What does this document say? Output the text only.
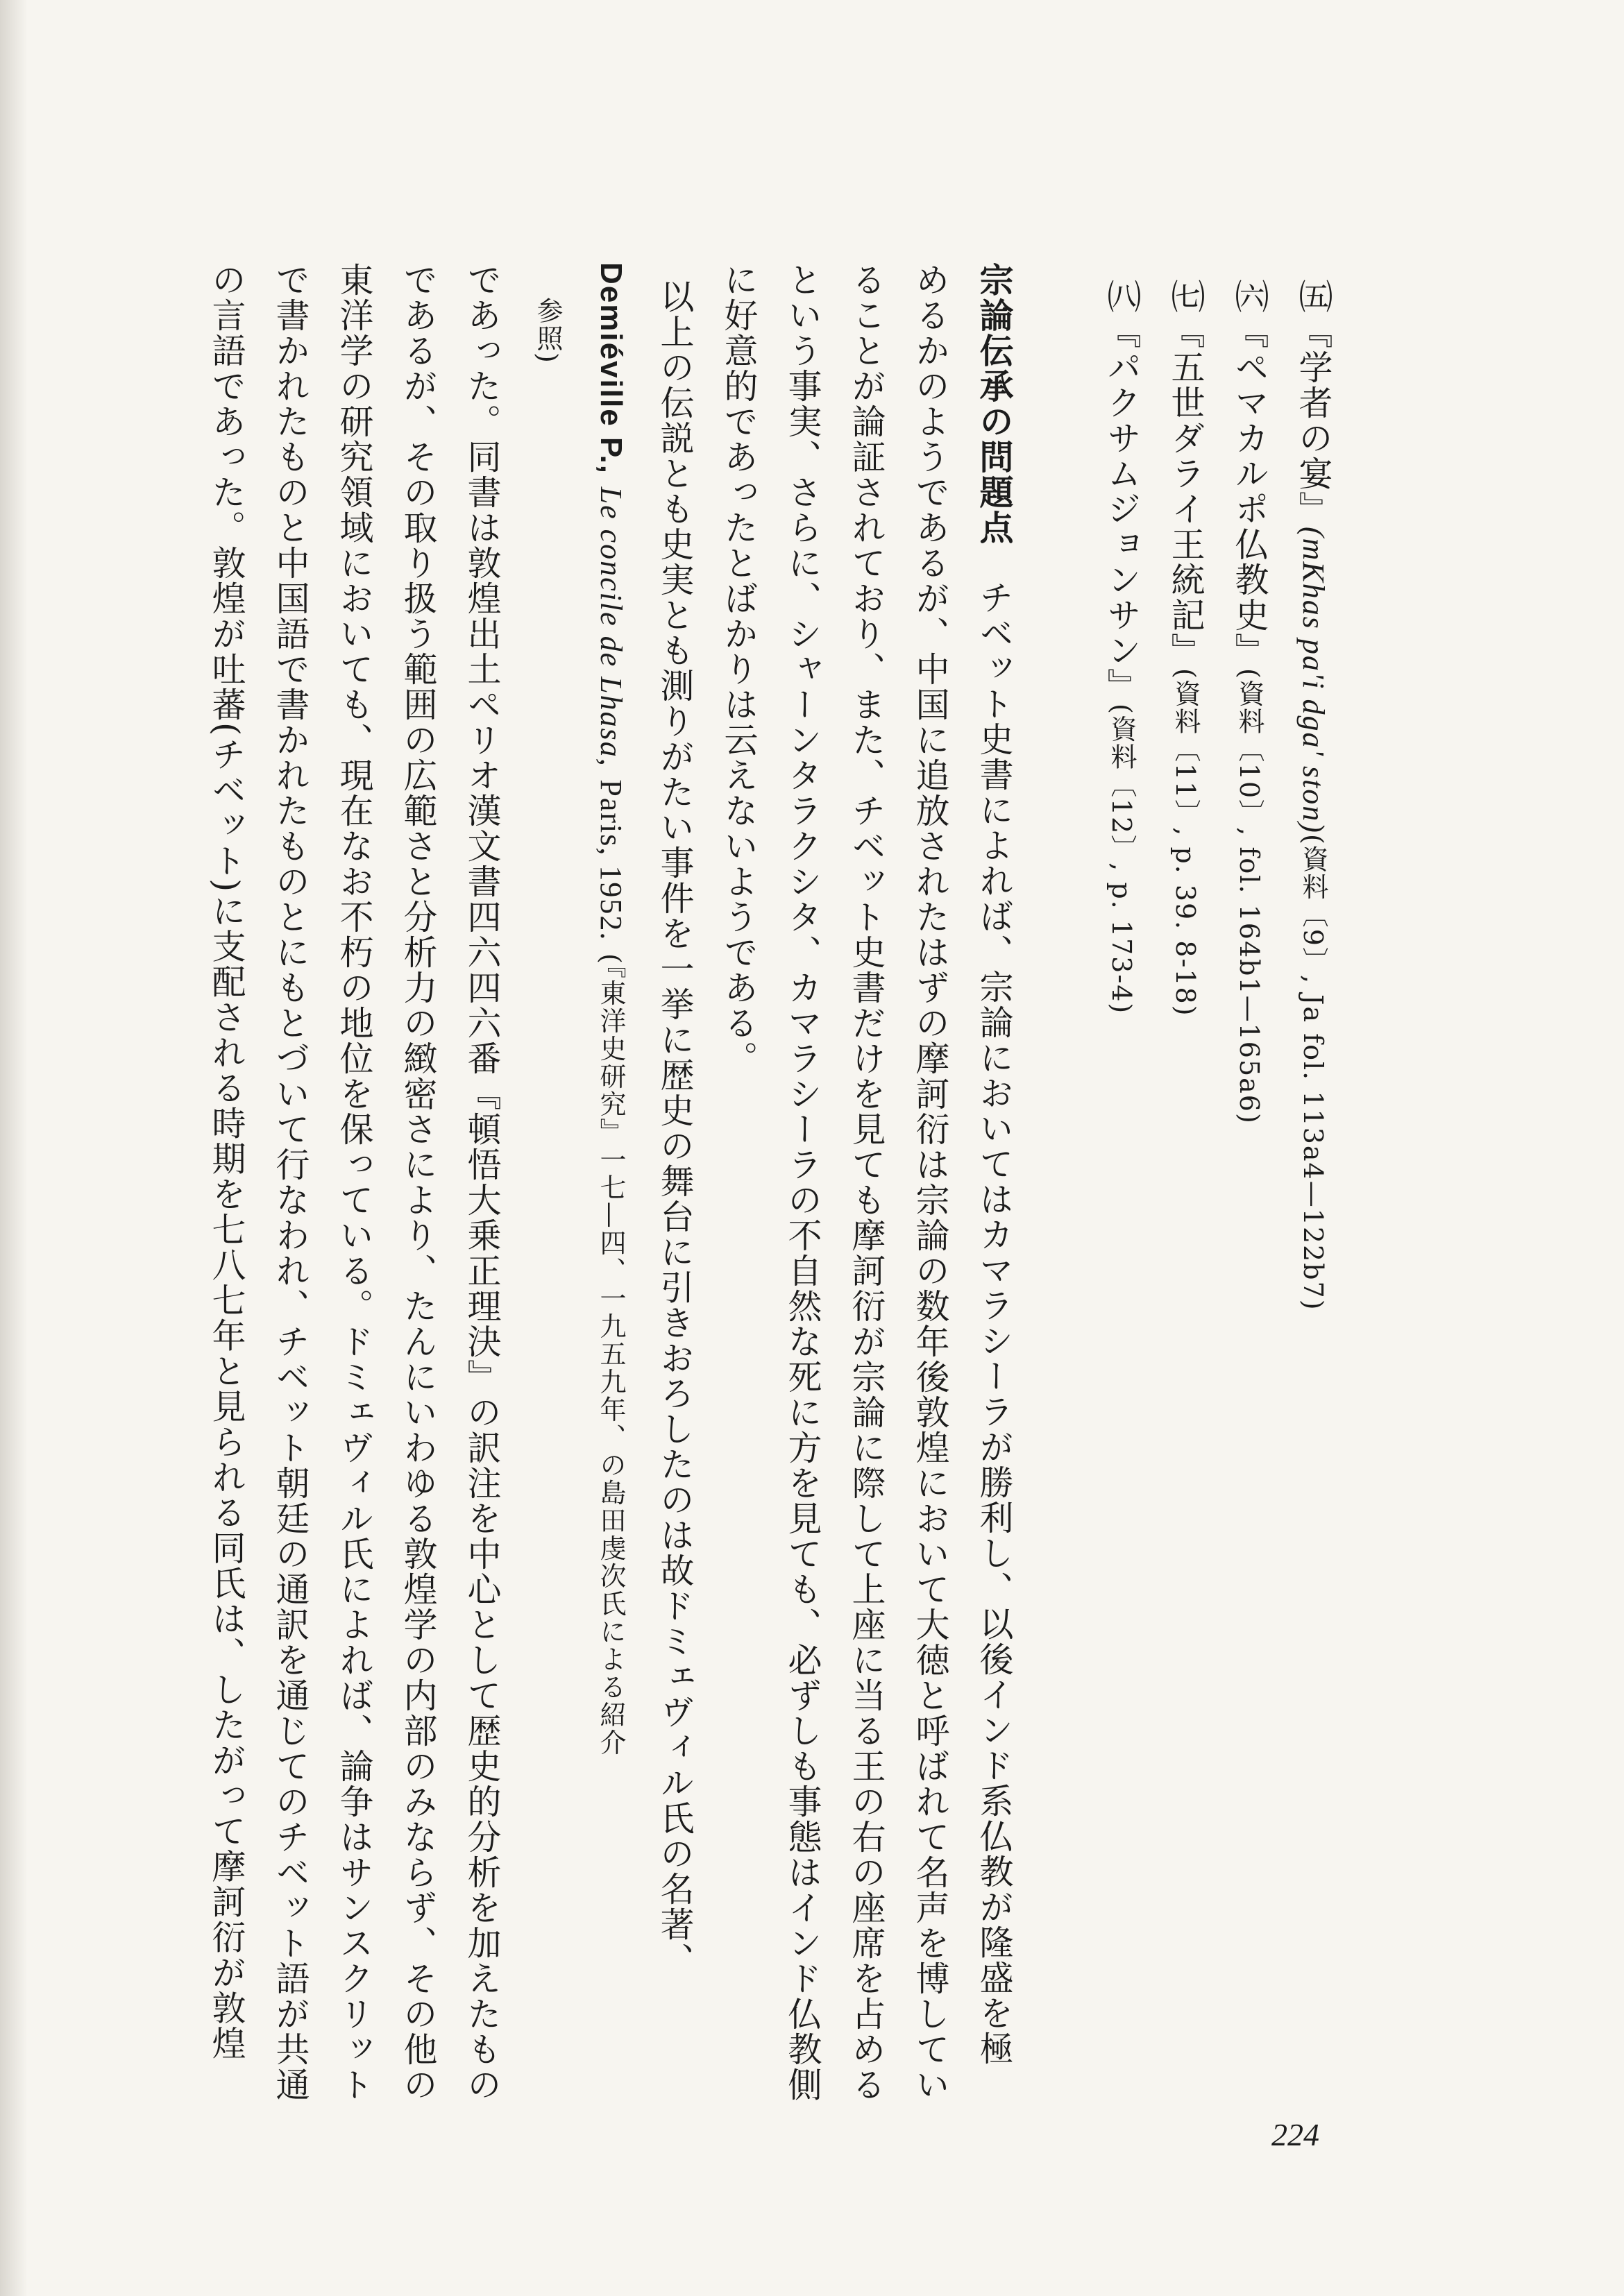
㈤『学者の宴』(mKhas pa'i dga' ston)(資料〔9〕, Ja fol. 113a4—122b7)
㈥『ペマカルポ仏教史』(資料〔10〕, fol. 164b1—165a6)
㈦『五世ダライ王統記』(資料〔11〕, p. 39. 8-18)
㈧『パクサムジョンサン』(資料〔12〕, p. 173-4)
宗論伝承の問題点チベット史書によれば、宗論においてはカマラシーラが勝利し、以後インド系仏教が隆盛を極
めるかのようであるが、中国に追放されたはずの摩訶衍は宗論の数年後敦煌において大徳と呼ばれて名声を博してい
ることが論証されており、また、チベット史書だけを見ても摩訶衍が宗論に際して上座に当る王の右の座席を占める
という事実、さらに、シャーンタラクシタ、カマラシーラの不自然な死に方を見ても、必ずしも事態はインド仏教側
に好意的であったとばかりは云えないようである。
以上の伝説とも史実とも測りがたい事件を一挙に歴史の舞台に引きおろしたのは故ドミェヴィル氏の名著、
Demiéville P., Le concile de Lhasa, Paris, 1952. (『東洋史研究』一七—四、一九五九年、の島田虔次氏による紹介
参照)
であった。同書は敦煌出土ペリオ漢文書四六四六番『頓悟大乗正理決』の訳注を中心として歴史的分析を加えたもの
であるが、その取り扱う範囲の広範さと分析力の緻密さにより、たんにいわゆる敦煌学の内部のみならず、その他の
東洋学の研究領域においても、現在なお不朽の地位を保っている。ドミェヴィル氏によれば、論争はサンスクリット
で書かれたものと中国語で書かれたものとにもとづいて行なわれ、チベット朝廷の通訳を通じてのチベット語が共通
の言語であった。敦煌が吐蕃(チベット)に支配される時期を七八七年と見られる同氏は、したがって摩訶衍が敦煌
224
